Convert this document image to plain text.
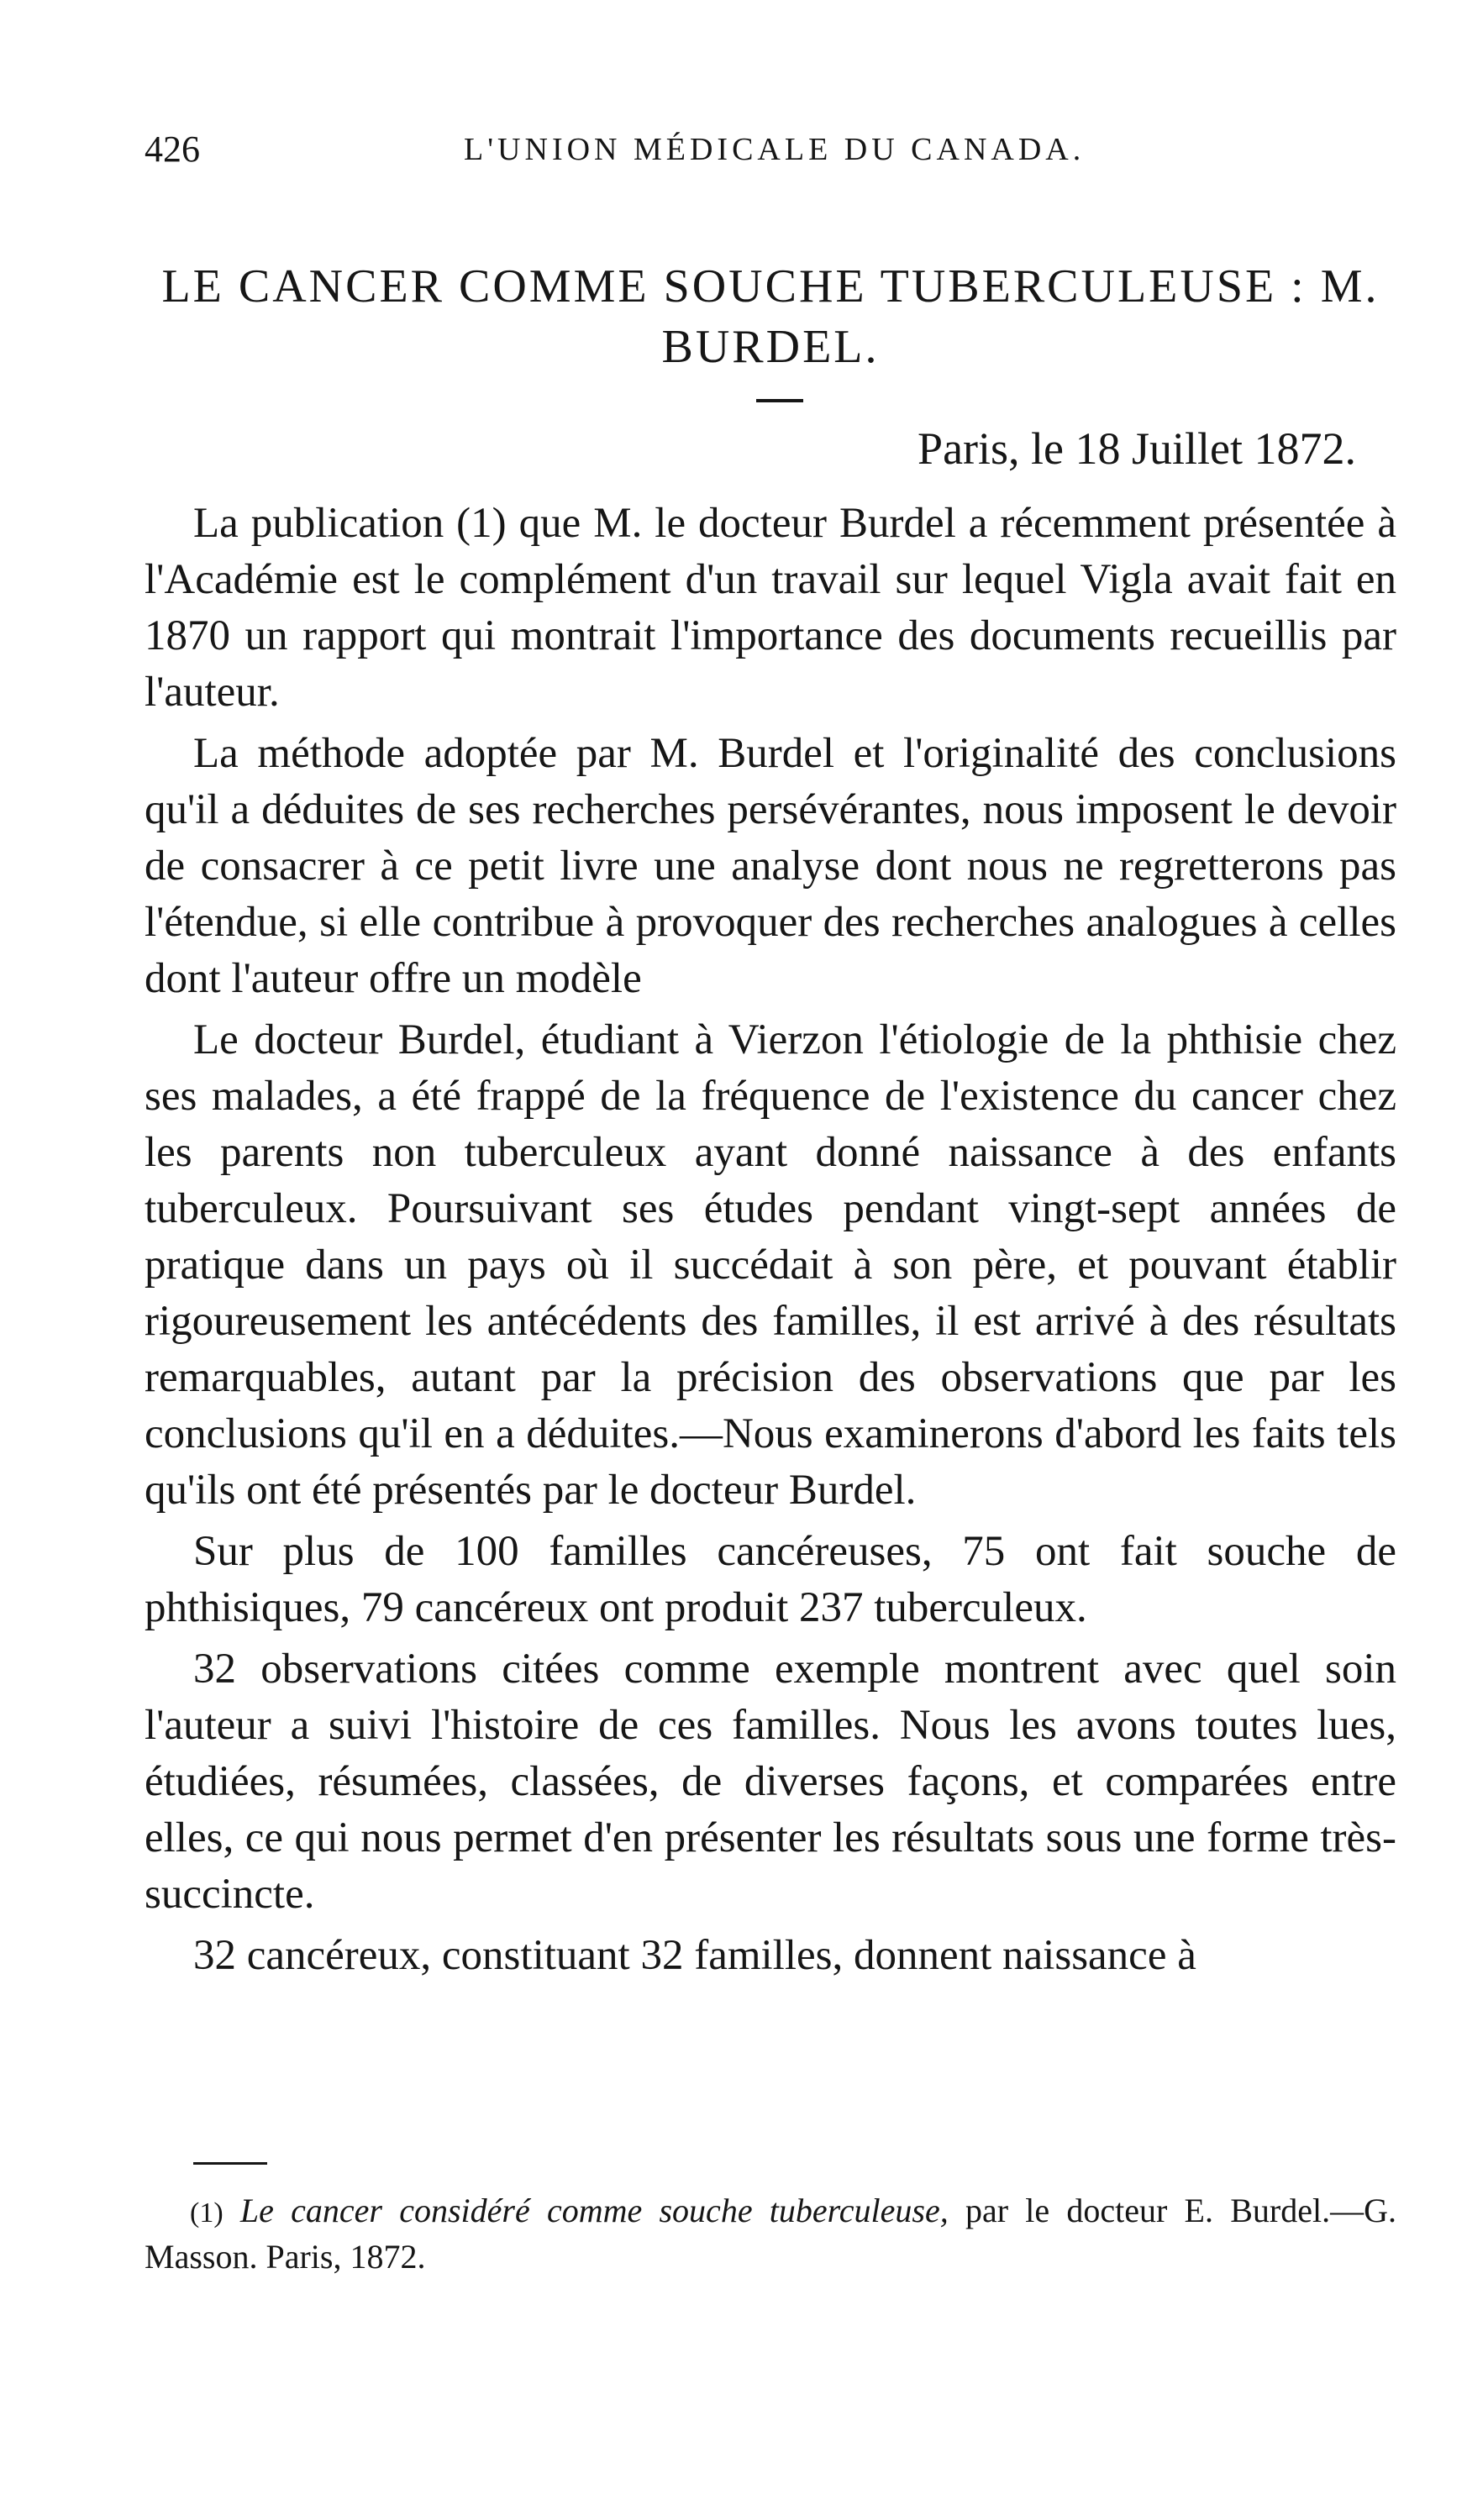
426	L'UNION MÉDICALE DU CANADA.
LE CANCER COMME SOUCHE TUBERCULEUSE : M. BURDEL.
Paris, le 18 Juillet 1872.

La publication (1) que M. le docteur Burdel a récemment présentée à l'Académie est le complément d'un travail sur lequel Vigla avait fait en 1870 un rapport qui montrait l'importance des documents recueillis par l'auteur.

La méthode adoptée par M. Burdel et l'originalité des conclusions qu'il a déduites de ses recherches persévérantes, nous imposent le devoir de consacrer à ce petit livre une analyse dont nous ne regretterons pas l'étendue, si elle contribue à provoquer des recherches analogues à celles dont l'auteur offre un modèle

Le docteur Burdel, étudiant à Vierzon l'étiologie de la phthisie chez ses malades, a été frappé de la fréquence de l'existence du cancer chez les parents non tuberculeux ayant donné naissance à des enfants tuberculeux. Poursuivant ses études pendant vingt-sept années de pratique dans un pays où il succédait à son père, et pouvant établir rigoureusement les antécédents des familles, il est arrivé à des résultats remarquables, autant par la précision des observations que par les conclusions qu'il en a déduites.—Nous examinerons d'abord les faits tels qu'ils ont été présentés par le docteur Burdel.

Sur plus de 100 familles cancéreuses, 75 ont fait souche de phthisiques, 79 cancéreux ont produit 237 tuberculeux.

32 observations citées comme exemple montrent avec quel soin l'auteur a suivi l'histoire de ces familles. Nous les avons toutes lues, étudiées, résumées, classées, de diverses façons, et comparées entre elles, ce qui nous permet d'en présenter les résultats sous une forme très-succincte.

32 cancéreux, constituant 32 familles, donnent naissance à

(1) Le cancer considéré comme souche tuberculeuse, par le docteur E. Burdel.—G. Masson. Paris, 1872.
